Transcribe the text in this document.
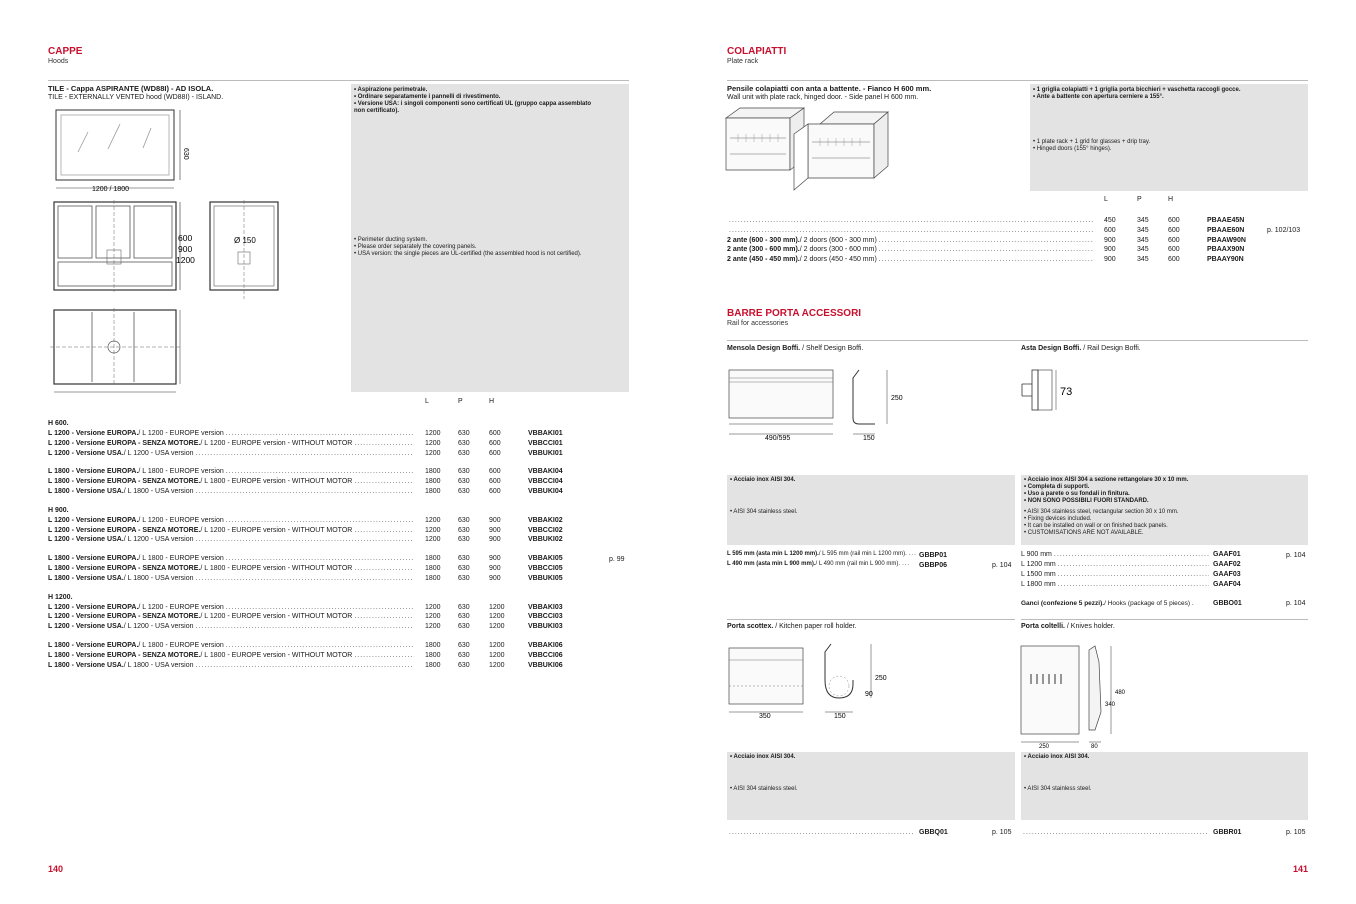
CAPPE
Hoods
TILE - Cappa ASPIRANTE (WD88I) - AD ISOLA.
TILE - EXTERNALLY VENTED hood (WD88I) - ISLAND.
630
1200 / 1800
600
900
1200
Ø 150
• Aspirazione perimetrale.
• Ordinare separatamente i pannelli di rivestimento.
• Versione USA: i singoli componenti sono certificati UL (gruppo cappa assemblato
non certificato).
• Perimeter ducting system.
• Please order separately the covering panels.
• USA version: the single pieces are UL-certified (the assembled hood is not certified).
L	P	H
H 600.
L 1200 - Versione EUROPA. / L 1200 - EUROPE version .....	1200 630	600	VBBAKI01
L 1200 - Versione EUROPA - SENZA MOTORE. / L 1200 - EUROPE version - WITHOUT MOTOR .....	1200 630	600	VBBCCI01
L 1200 - Versione USA. / L 1200 - USA version .....	1200 630	600	VBBUKI01
L 1800 - Versione EUROPA. / L 1800 - EUROPE version .....	1800 630	600	VBBAKI04
L 1800 - Versione EUROPA - SENZA MOTORE. / L 1800 - EUROPE version - WITHOUT MOTOR .....	1800 630	600	VBBCCI04
L 1800 - Versione USA. / L 1800 - USA version .....	1800 630	600	VBBUKI04
H 900.
L 1200 - Versione EUROPA. / L 1200 - EUROPE version .....	1200 630	900	VBBAKI02
L 1200 - Versione EUROPA - SENZA MOTORE. / L 1200 - EUROPE version - WITHOUT MOTOR .....	1200 630	900	VBBCCI02
L 1200 - Versione USA. / L 1200 - USA version .....	1200 630	900	VBBUKI02
L 1800 - Versione EUROPA. / L 1800 - EUROPE version .....	1800 630	900	VBBAKI05
L 1800 - Versione EUROPA - SENZA MOTORE. / L 1800 - EUROPE version - WITHOUT MOTOR .....	1800 630	900	VBBCCI05
L 1800 - Versione USA. / L 1800 - USA version .....	1800 630	900	VBBUKI05
p. 99
H 1200.
L 1200 - Versione EUROPA. / L 1200 - EUROPE version .....	1200 630	1200	VBBAKI03
L 1200 - Versione EUROPA - SENZA MOTORE. / L 1200 - EUROPE version - WITHOUT MOTOR .....	1200 630	1200	VBBCCI03
L 1200 - Versione USA. / L 1200 - USA version .....	1200 630	1200	VBBUKI03
L 1800 - Versione EUROPA. / L 1800 - EUROPE version .....	1800 630	1200	VBBAKI06
L 1800 - Versione EUROPA - SENZA MOTORE. / L 1800 - EUROPE version - WITHOUT MOTOR .....	1800 630	1200	VBBCCI06
L 1800 - Versione USA. / L 1800 - USA version .....	1800 630	1200	VBBUKI06
140
COLAPIATTI
Plate rack
Pensile colapiatti con anta a battente. - Fianco H 600 mm.
Wall unit with plate rack, hinged door. - Side panel H 600 mm.
• 1 griglia colapiatti + 1 griglia porta bicchieri + vaschetta raccogli gocce.
• Ante a battente con apertura cerniere a 155°.
• 1 plate rack + 1 grid for glasses + drip tray.
• Hinged doors (155° hinges).
L	P	H
.....
450	345	600	PBAAE45N
.....
600	345	600	PBAAE60N
2 ante (600 - 300 mm). / 2 doors (600 - 300 mm) .....	900	345	600	PBAAW90N
2 ante (300 - 600 mm). / 2 doors (300 - 600 mm) .....	900	345	600	PBAAX90N
2 ante (450 - 450 mm). / 2 doors (450 - 450 mm) .....	900	345	600	PBAAY90N
p. 102/103
BARRE PORTA ACCESSORI
Rail for accessories
Mensola Design Boffi. / Shelf Design Boffi.
490/595
250
150
Asta Design Boffi. / Rail Design Boffi.
73
• Acciaio inox AISI 304.
• AISI 304 stainless steel.
• Acciaio inox AISI 304 a sezione rettangolare 30 x 10 mm.
• Completa di supporti.
• Uso a parete o su fondali in finitura.
• NON SONO POSSIBILI FUORI STANDARD.
• AISI 304 stainless steel, rectangular section 30 x 10 mm.
• Fixing devices included.
• It can be installed on wall or on finished back panels.
• CUSTOMISATIONS ARE NOT AVAILABLE.
L 595 mm (asta min L 1200 mm). / L 595 mm (rail min L 1200 mm). ..... GBBP01
L 490 mm (asta min L 900 mm). / L 490 mm (rail min L 900 mm). .....	GBBP06	p. 104
L 900 mm .....	GAAF01
L 1200 mm .....	GAAF02
L 1500 mm .....	GAAF03
L 1800 mm .....	GAAF04
p. 104
Ganci (confezione 5 pezzi). / Hooks (package of 5 pieces) .	GBBO01	p. 104
Porta scottex. / Kitchen paper roll holder.
350
250
90
150
Porta coltelli. / Knives holder.
250
480
340
80
• Acciaio inox AISI 304.
• AISI 304 stainless steel.
• Acciaio inox AISI 304.
• AISI 304 stainless steel.
.....
GBBQ01	p. 105 .....	GBBR01	p. 105
141
